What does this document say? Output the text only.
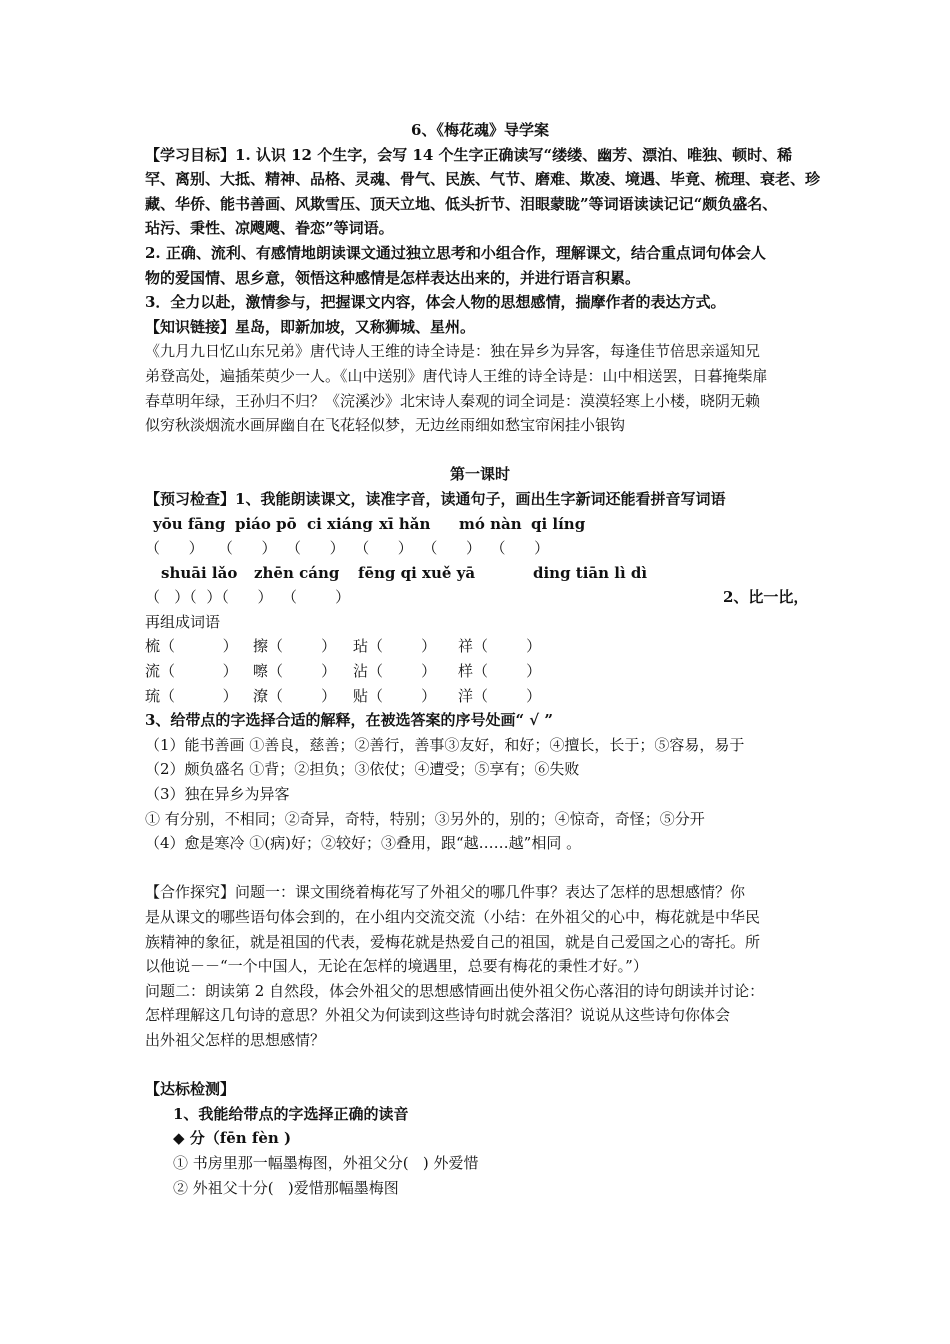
6、《梅花魂》导学案
【学习目标】1. 认识 12 个生字，会写 14 个生字正确读写“缕缕、幽芳、漂泊、唯独、顿时、稀
罕、离别、大抵、精神、品格、灵魂、骨气、民族、气节、磨难、欺凌、境遇、毕竟、梳理、衰老、珍
藏、华侨、能书善画、风欺雪压、顶天立地、低头折节、泪眼蒙眬”等词语读读记记“颇负盛名、
玷污、秉性、凉飕飕、眷恋”等词语。
2. 正确、流利、有感情地朗读课文通过独立思考和小组合作，理解课文，结合重点词句体会人
物的爱国情、思乡意，领悟这种感情是怎样表达出来的，并进行语言积累。
3．全力以赴，激情参与，把握课文内容，体会人物的思想感情，揣摩作者的表达方式。
【知识链接】星岛，即新加坡，又称狮城、星州。
《九月九日忆山东兄弟》唐代诗人王维的诗全诗是：独在异乡为异客，每逢佳节倍思亲遥知兄
弟登高处，遍插茱萸少一人。《山中送别》唐代诗人王维的诗全诗是：山中相送罢，日暮掩柴扉
春草明年绿，王孙归不归？《浣溪沙》北宋诗人秦观的词全词是：漠漠轻寒上小楼，晓阴无赖
似穷秋淡烟流水画屏幽自在飞花轻似梦，无边丝雨细如愁宝帘闲挂小银钩
第一课时
【预习检查】1、我能朗读课文，读准字音，读通句子，画出生字新词还能看拼音写词语
yōu fāng piáo pō ci xiáng xī hǎn	mó nàn qi líng
（      ）   （      ）  （      ）  （      ）  （      ）  （      ）
shuāi lǎo	zhēn cáng	fēng qi xuě yā	ding tiān lì dì
（   ）（  ）（      ）  （        ）	2、比一比，
再组成词语
梳（          ）	擦（        ）	玷（        ）	祥（        ）
流（          ）	嚓（        ）	沾（        ）	样（        ）
琉（          ）	潦（        ）	贴（        ）	洋（        ）
3、给带点的字选择合适的解释，在被选答案的序号处画“ √ ”
（1）能书善画 ①善良，慈善；②善行，善事③友好，和好；④擅长，长于；⑤容易，易于
（2）颇负盛名 ①背；②担负；③依仗；④遭受；⑤享有；⑥失败
（3）独在异乡为异客
① 有分别，不相同；②奇异，奇特，特别；③另外的，别的；④惊奇，奇怪；⑤分开
（4）愈是寒冷 ①(病)好；②较好；③叠用，跟“越……越”相同 。
【合作探究】问题一：课文围绕着梅花写了外祖父的哪几件事？表达了怎样的思想感情？你
是从课文的哪些语句体会到的，在小组内交流交流（小结：在外祖父的心中，梅花就是中华民
族精神的象征，就是祖国的代表，爱梅花就是热爱自己的祖国，就是自己爱国之心的寄托。所
以他说－－“一个中国人，无论在怎样的境遇里，总要有梅花的秉性才好。”）
问题二：朗读第 2 自然段，体会外祖父的思想感情画出使外祖父伤心落泪的诗句朗读并讨论：
怎样理解这几句诗的意思？外祖父为何读到这些诗句时就会落泪？说说从这些诗句你体会
出外祖父怎样的思想感情？
【达标检测】
1、我能给带点的字选择正确的读音
◆ 分（fēn fèn )
① 书房里那一幅墨梅图，外祖父分(   ) 外爱惜
② 外祖父十分(   )爱惜那幅墨梅图
